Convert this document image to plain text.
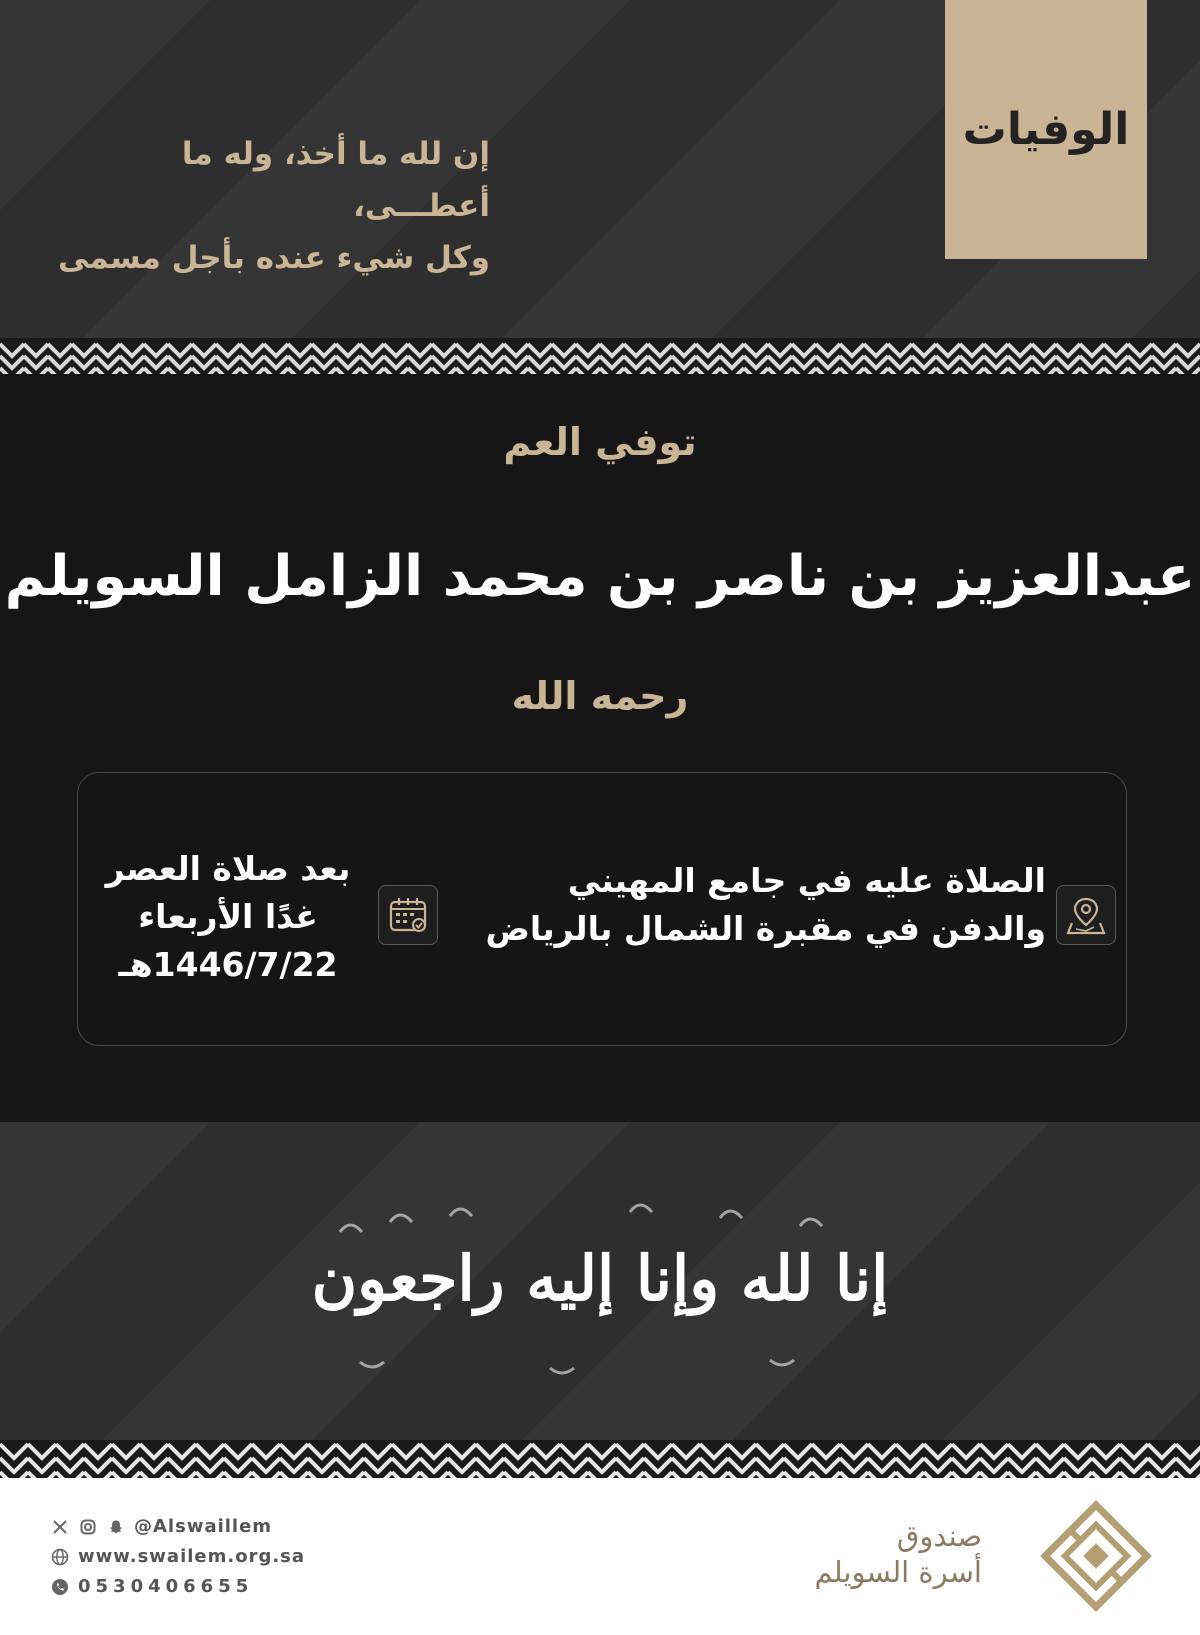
الوفيات
إن لله ما أخذ، وله ما أعطـــى،
وكل شيء عنده بأجل مسمى
توفي العم
عبدالعزيز بن ناصر بن محمد الزامل السويلم
رحمه الله
الصلاة عليه في جامع المهيني
والدفن في مقبرة الشمال بالرياض
بعد صلاة العصر
غدًا الأربعاء
1446/7/22هـ
إنا لله وإنا إليه راجعون
@Alswaillem
www.swailem.org.sa
0530406655
صندوق
أسرة السويلم
